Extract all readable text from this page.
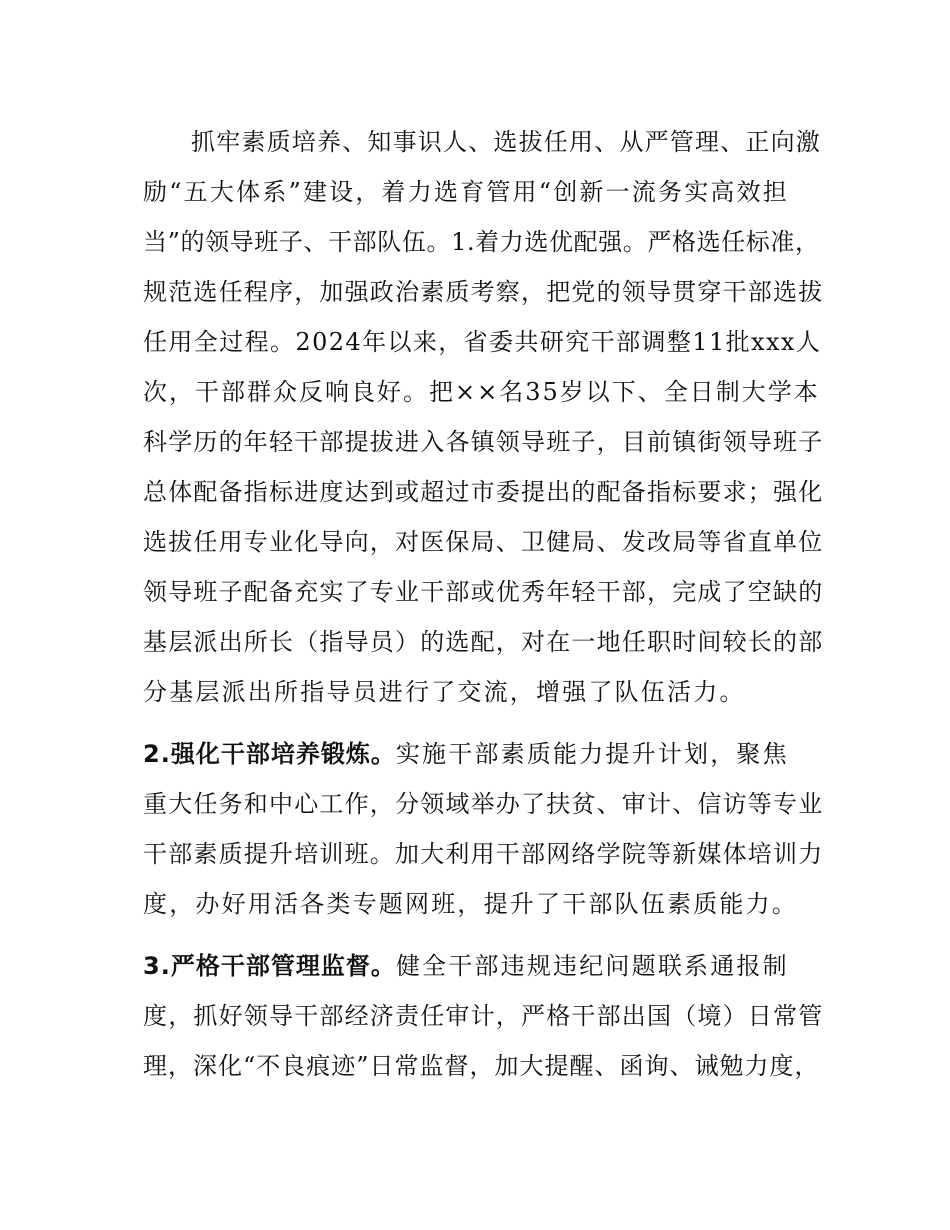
抓牢素质培养、知事识人、选拔任用、从严管理、正向激
励“五大体系”建设，着力选育管用“创新一流务实高效担
当”的领导班子、干部队伍。1.着力选优配强。严格选任标准，
规范选任程序，加强政治素质考察，把党的领导贯穿干部选拔
任用全过程。2024年以来，省委共研究干部调整11批xxx人
次，干部群众反响良好。把××名35岁以下、全日制大学本
科学历的年轻干部提拔进入各镇领导班子，目前镇街领导班子
总体配备指标进度达到或超过市委提出的配备指标要求；强化
选拔任用专业化导向，对医保局、卫健局、发改局等省直单位
领导班子配备充实了专业干部或优秀年轻干部，完成了空缺的
基层派出所长（指导员）的选配，对在一地任职时间较长的部
分基层派出所指导员进行了交流，增强了队伍活力。
2.强化干部培养锻炼。实施干部素质能力提升计划，聚焦
重大任务和中心工作，分领域举办了扶贫、审计、信访等专业
干部素质提升培训班。加大利用干部网络学院等新媒体培训力
度，办好用活各类专题网班，提升了干部队伍素质能力。
3.严格干部管理监督。健全干部违规违纪问题联系通报制
度，抓好领导干部经济责任审计，严格干部出国（境）日常管
理，深化“不良痕迹”日常监督，加大提醒、函询、诫勉力度，
